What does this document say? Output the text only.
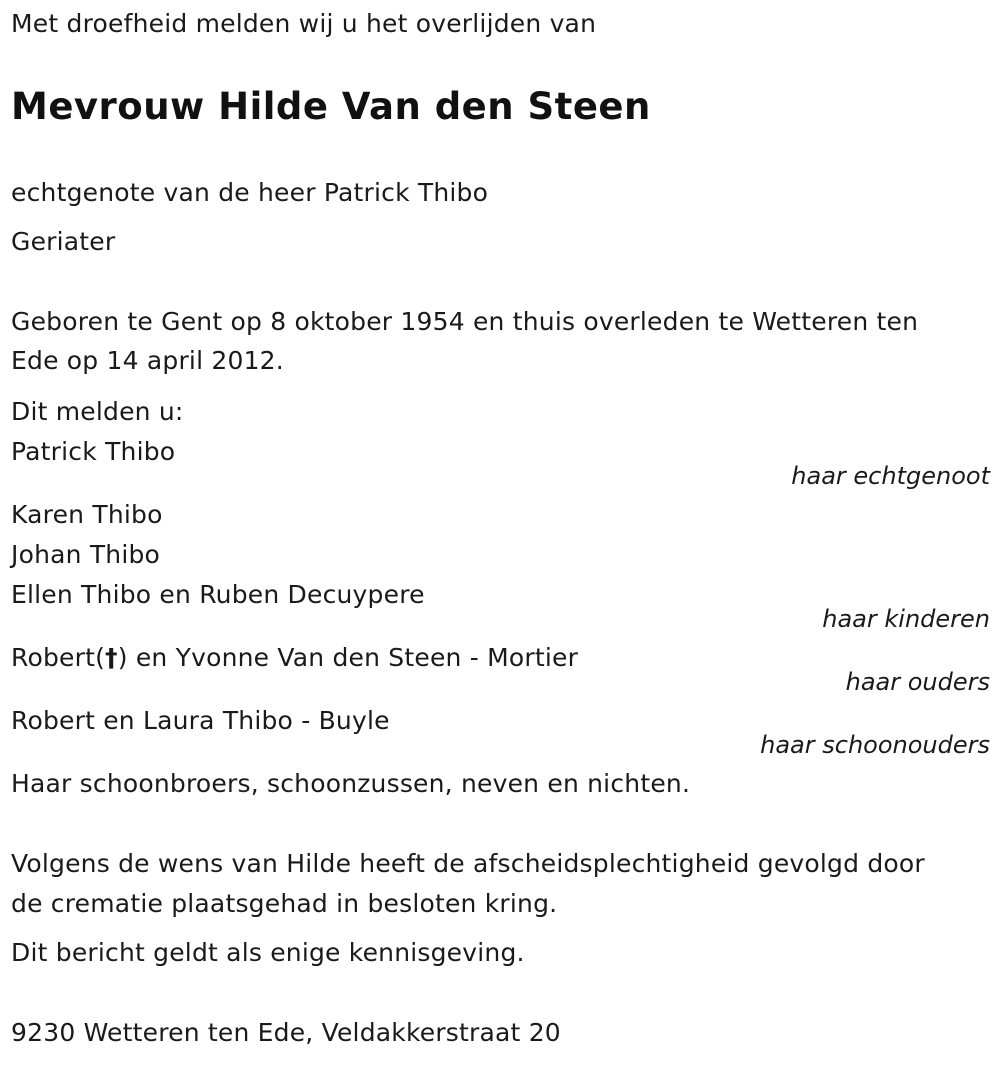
Met droefheid melden wij u het overlijden van
Mevrouw Hilde Van den Steen
echtgenote van de heer Patrick Thibo
Geriater
Geboren te Gent op 8 oktober 1954 en thuis overleden te Wetteren ten
Ede op 14 april 2012.
Dit melden u:
Patrick Thibo
haar echtgenoot
Karen Thibo
Johan Thibo
Ellen Thibo en Ruben Decuypere
haar kinderen
Robert(†) en Yvonne Van den Steen - Mortier
haar ouders
Robert en Laura Thibo - Buyle
haar schoonouders
Haar schoonbroers, schoonzussen, neven en nichten.
Volgens de wens van Hilde heeft de afscheidsplechtigheid gevolgd door
de crematie plaatsgehad in besloten kring.
Dit bericht geldt als enige kennisgeving.
9230 Wetteren ten Ede, Veldakkerstraat 20
